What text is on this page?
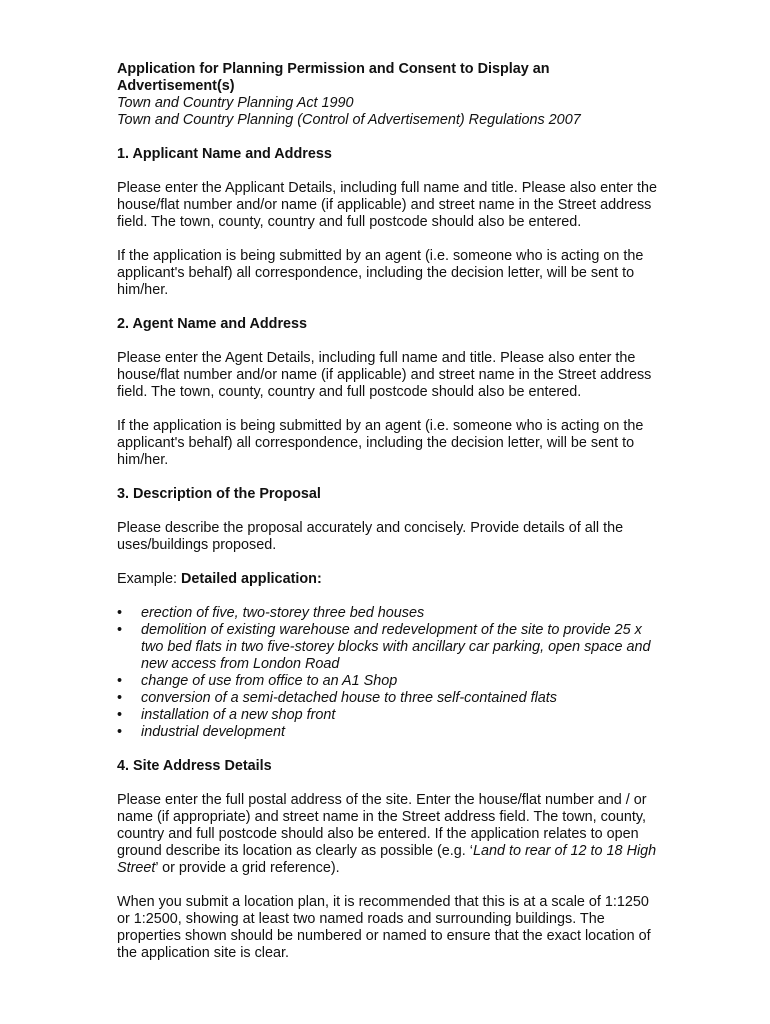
Application for Planning Permission and Consent to Display an Advertisement(s)
Town and Country Planning Act 1990
Town and Country Planning (Control of Advertisement) Regulations 2007
1. Applicant Name and Address

Please enter the Applicant Details, including full name and title. Please also enter the house/flat number and/or name (if applicable) and street name in the Street address field. The town, county, country and full postcode should also be entered.

If the application is being submitted by an agent (i.e. someone who is acting on the applicant's behalf) all correspondence, including the decision letter, will be sent to him/her.

2. Agent Name and Address

Please enter the Agent Details, including full name and title. Please also enter the house/flat number and/or name (if applicable) and street name in the Street address field. The town, county, country and full postcode should also be entered.

If the application is being submitted by an agent (i.e. someone who is acting on the applicant's behalf) all correspondence, including the decision letter, will be sent to him/her.

3. Description of the Proposal

Please describe the proposal accurately and concisely. Provide details of all the uses/buildings proposed.

Example: Detailed application:

• erection of five, two-storey three bed houses
• demolition of existing warehouse and redevelopment of the site to provide 25 x two bed flats in two five-storey blocks with ancillary car parking, open space and new access from London Road
• change of use from office to an A1 Shop
• conversion of a semi-detached house to three self-contained flats
• installation of a new shop front
• industrial development
4. Site Address Details

Please enter the full postal address of the site. Enter the house/flat number and / or name (if appropriate) and street name in the Street address field. The town, county, country and full postcode should also be entered. If the application relates to open ground describe its location as clearly as possible (e.g. ‘Land to rear of 12 to 18 High Street’ or provide a grid reference).

When you submit a location plan, it is recommended that this is at a scale of 1:1250 or 1:2500, showing at least two named roads and surrounding buildings. The properties shown should be numbered or named to ensure that the exact location of the application site is clear.
